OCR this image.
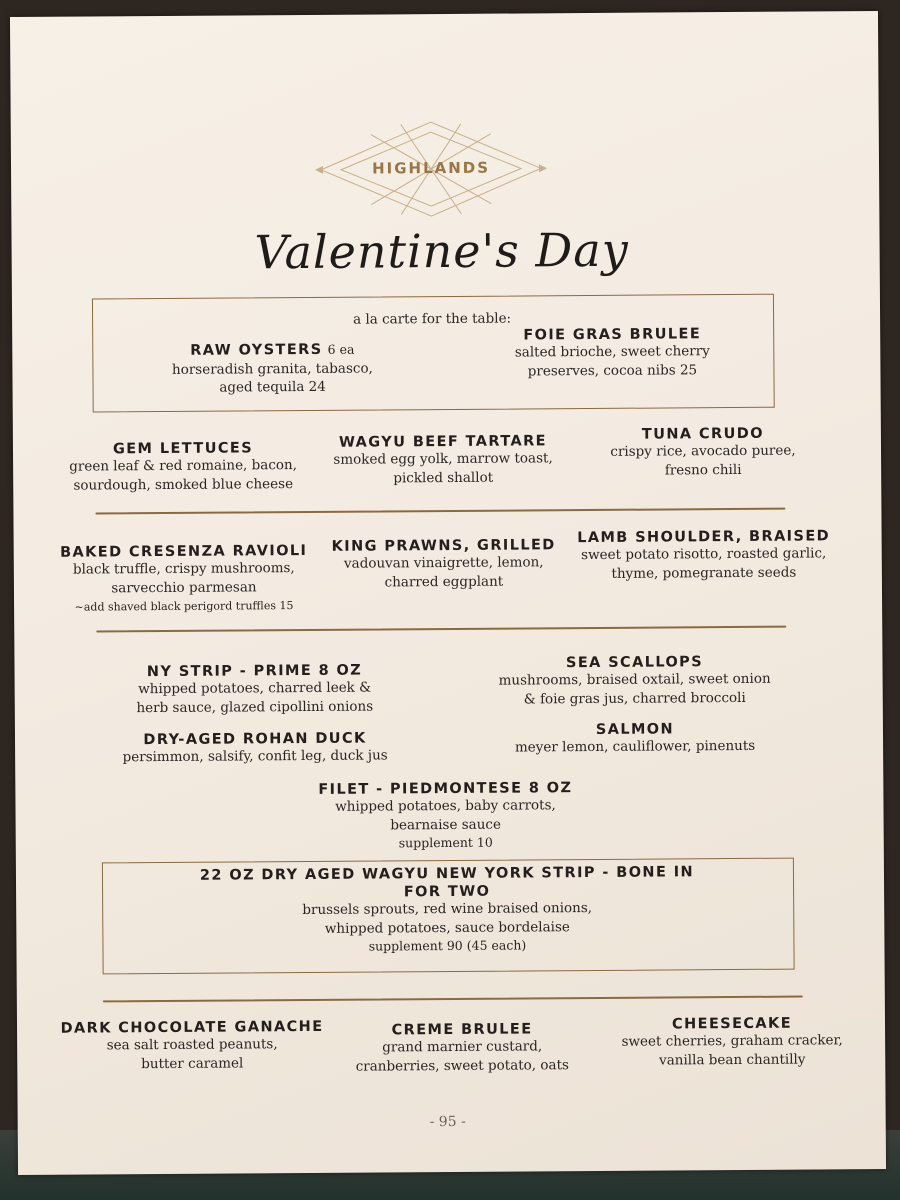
HIGHLANDS
Valentine's Day
a la carte for the table:
RAW OYSTERS 6 ea
horseradish granita, tabasco,
aged tequila 24
FOIE GRAS BRULEE
salted brioche, sweet cherry
preserves, cocoa nibs 25
GEM LETTUCES
green leaf & red romaine, bacon,
sourdough, smoked blue cheese
WAGYU BEEF TARTARE
smoked egg yolk, marrow toast,
pickled shallot
TUNA CRUDO
crispy rice, avocado puree,
fresno chili
BAKED CRESENZA RAVIOLI
black truffle, crispy mushrooms,
sarvecchio parmesan
~add shaved black perigord truffles 15
KING PRAWNS, GRILLED
vadouvan vinaigrette, lemon,
charred eggplant
LAMB SHOULDER, BRAISED
sweet potato risotto, roasted garlic,
thyme, pomegranate seeds
NY STRIP - PRIME 8 OZ
whipped potatoes, charred leek &
herb sauce, glazed cipollini onions
SEA SCALLOPS
mushrooms, braised oxtail, sweet onion
& foie gras jus, charred broccoli
DRY-AGED ROHAN DUCK
persimmon, salsify, confit leg, duck jus
SALMON
meyer lemon, cauliflower, pinenuts
FILET - PIEDMONTESE 8 OZ
whipped potatoes, baby carrots,
bearnaise sauce
supplement 10
22 OZ DRY AGED WAGYU NEW YORK STRIP - BONE IN
FOR TWO
brussels sprouts, red wine braised onions,
whipped potatoes, sauce bordelaise
supplement 90 (45 each)
DARK CHOCOLATE GANACHE
sea salt roasted peanuts,
butter caramel
CREME BRULEE
grand marnier custard,
cranberries, sweet potato, oats
CHEESECAKE
sweet cherries, graham cracker,
vanilla bean chantilly
- 95 -
